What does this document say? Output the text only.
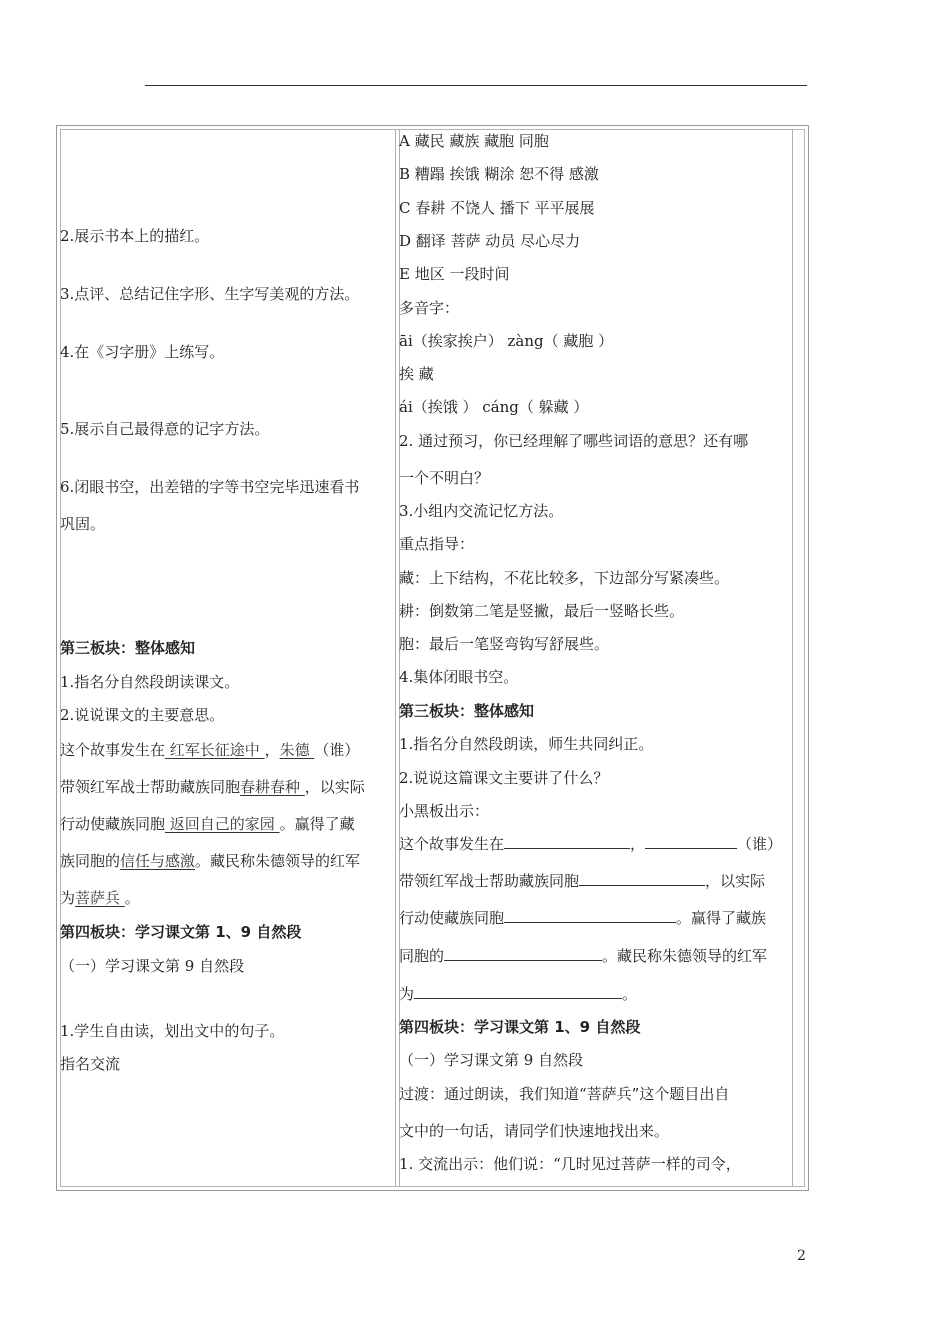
2.展示书本上的描红。
3.点评、总结记住字形、生字写美观的方法。
4.在《习字册》上练写。
5.展示自己最得意的记字方法。
6.闭眼书空，出差错的字等书空完毕迅速看书
巩固。
第三板块：整体感知
1.指名分自然段朗读课文。
2.说说课文的主要意思。
这个故事发生在 红军长征途中 ，朱德 （谁）
带领红军战士帮助藏族同胞春耕春种 ，以实际
行动使藏族同胞 返回自己的家园 。赢得了藏
族同胞的信任与感激。藏民称朱德领导的红军
为菩萨兵 。
第四板块：学习课文第 1、9 自然段
（一）学习课文第 9 自然段
1.学生自由读，划出文中的句子。
指名交流
A 藏民 藏族 藏胞 同胞
B 糟蹋 挨饿 糊涂 恕不得 感激
C 春耕 不饶人 播下 平平展展
D 翻译 菩萨 动员 尽心尽力
E 地区 一段时间
多音字：
āi（挨家挨户） zàng（ 藏胞 ）
挨 藏
ái（挨饿 ） cáng（ 躲藏 ）
2. 通过预习，你已经理解了哪些词语的意思？还有哪
一个不明白？
3.小组内交流记忆方法。
重点指导：
藏：上下结构，不花比较多，下边部分写紧凑些。
耕：倒数第二笔是竖撇，最后一竖略长些。
胞：最后一笔竖弯钩写舒展些。
4.集体闭眼书空。
第三板块：整体感知
1.指名分自然段朗读，师生共同纠正。
2.说说这篇课文主要讲了什么？
小黑板出示：
这个故事发生在	，	（谁）
带领红军战士帮助藏族同胞	，以实际
行动使藏族同胞	。赢得了藏族
同胞的	。藏民称朱德领导的红军
为	。
第四板块：学习课文第 1、9 自然段
（一）学习课文第 9 自然段
过渡：通过朗读，我们知道“菩萨兵”这个题目出自
文中的一句话，请同学们快速地找出来。
1. 交流出示：他们说：“几时见过菩萨一样的司令，
2
